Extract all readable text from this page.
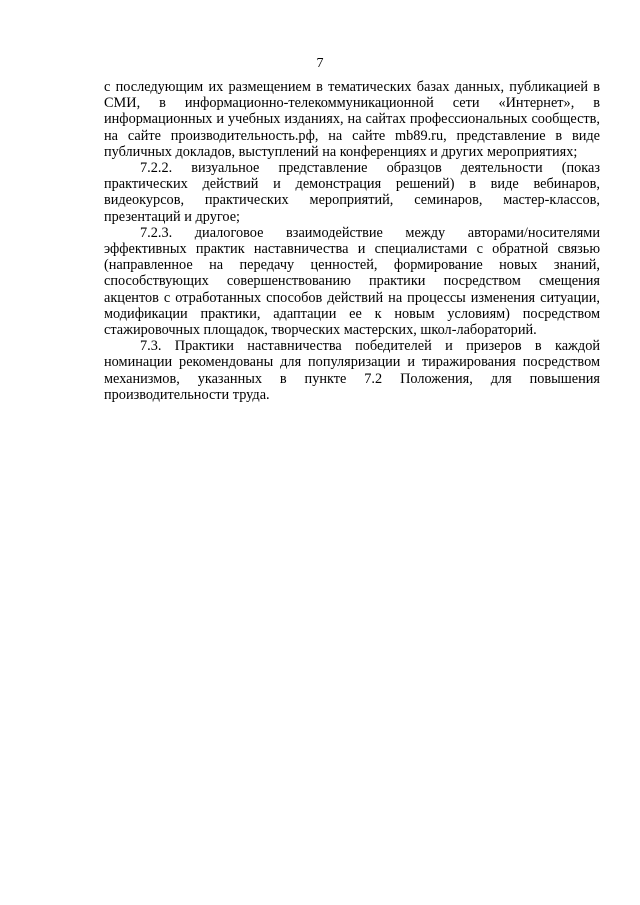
7

с последующим их размещением в тематических базах данных, публикацией в СМИ, в информационно-телекоммуникационной сети «Интернет», в информационных и учебных изданиях, на сайтах профессиональных сообществ, на сайте производительность.рф, на сайте mb89.ru, представление в виде публичных докладов, выступлений на конференциях и других мероприятиях;

7.2.2. визуальное представление образцов деятельности (показ практических действий и демонстрация решений) в виде вебинаров, видеокурсов, практических мероприятий, семинаров, мастер-классов, презентаций и другое;

7.2.3. диалоговое взаимодействие между авторами/носителями эффективных практик наставничества и специалистами с обратной связью (направленное на передачу ценностей, формирование новых знаний, способствующих совершенствованию практики посредством смещения акцентов с отработанных способов действий на процессы изменения ситуации, модификации практики, адаптации ее к новым условиям) посредством стажировочных площадок, творческих мастерских, школ-лабораторий.

7.3. Практики наставничества победителей и призеров в каждой номинации рекомендованы для популяризации и тиражирования посредством механизмов, указанных в пункте 7.2 Положения, для повышения производительности труда.
